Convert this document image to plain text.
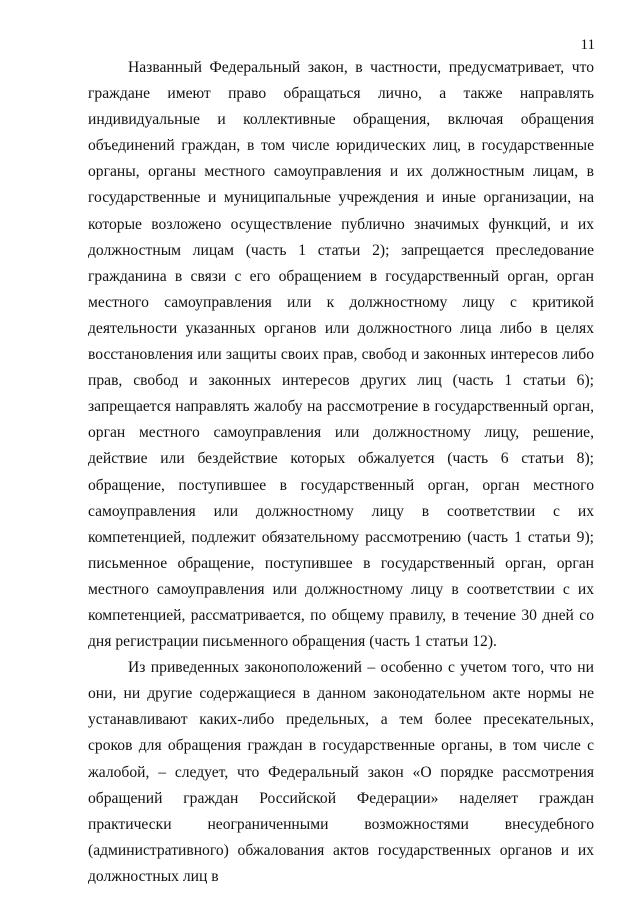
11

Названный Федеральный закон, в частности, предусматривает, что граждане имеют право обращаться лично, а также направлять индивидуальные и коллективные обращения, включая обращения объединений граждан, в том числе юридических лиц, в государственные органы, органы местного самоуправления и их должностным лицам, в государственные и муниципальные учреждения и иные организации, на которые возложено осуществление публично значимых функций, и их должностным лицам (часть 1 статьи 2); запрещается преследование гражданина в связи с его обращением в государственный орган, орган местного самоуправления или к должностному лицу с критикой деятельности указанных органов или должностного лица либо в целях восстановления или защиты своих прав, свобод и законных интересов либо прав, свобод и законных интересов других лиц (часть 1 статьи 6); запрещается направлять жалобу на рассмотрение в государственный орган, орган местного самоуправления или должностному лицу, решение, действие или бездействие которых обжалуется (часть 6 статьи 8); обращение, поступившее в государственный орган, орган местного самоуправления или должностному лицу в соответствии с их компетенцией, подлежит обязательному рассмотрению (часть 1 статьи 9); письменное обращение, поступившее в государственный орган, орган местного самоуправления или должностному лицу в соответствии с их компетенцией, рассматривается, по общему правилу, в течение 30 дней со дня регистрации письменного обращения (часть 1 статьи 12).

Из приведенных законоположений – особенно с учетом того, что ни они, ни другие содержащиеся в данном законодательном акте нормы не устанавливают каких-либо предельных, а тем более пресекательных, сроков для обращения граждан в государственные органы, в том числе с жалобой, – следует, что Федеральный закон «О порядке рассмотрения обращений граждан Российской Федерации» наделяет граждан практически неограниченными возможностями внесудебного (административного) обжалования актов государственных органов и их должностных лиц в
